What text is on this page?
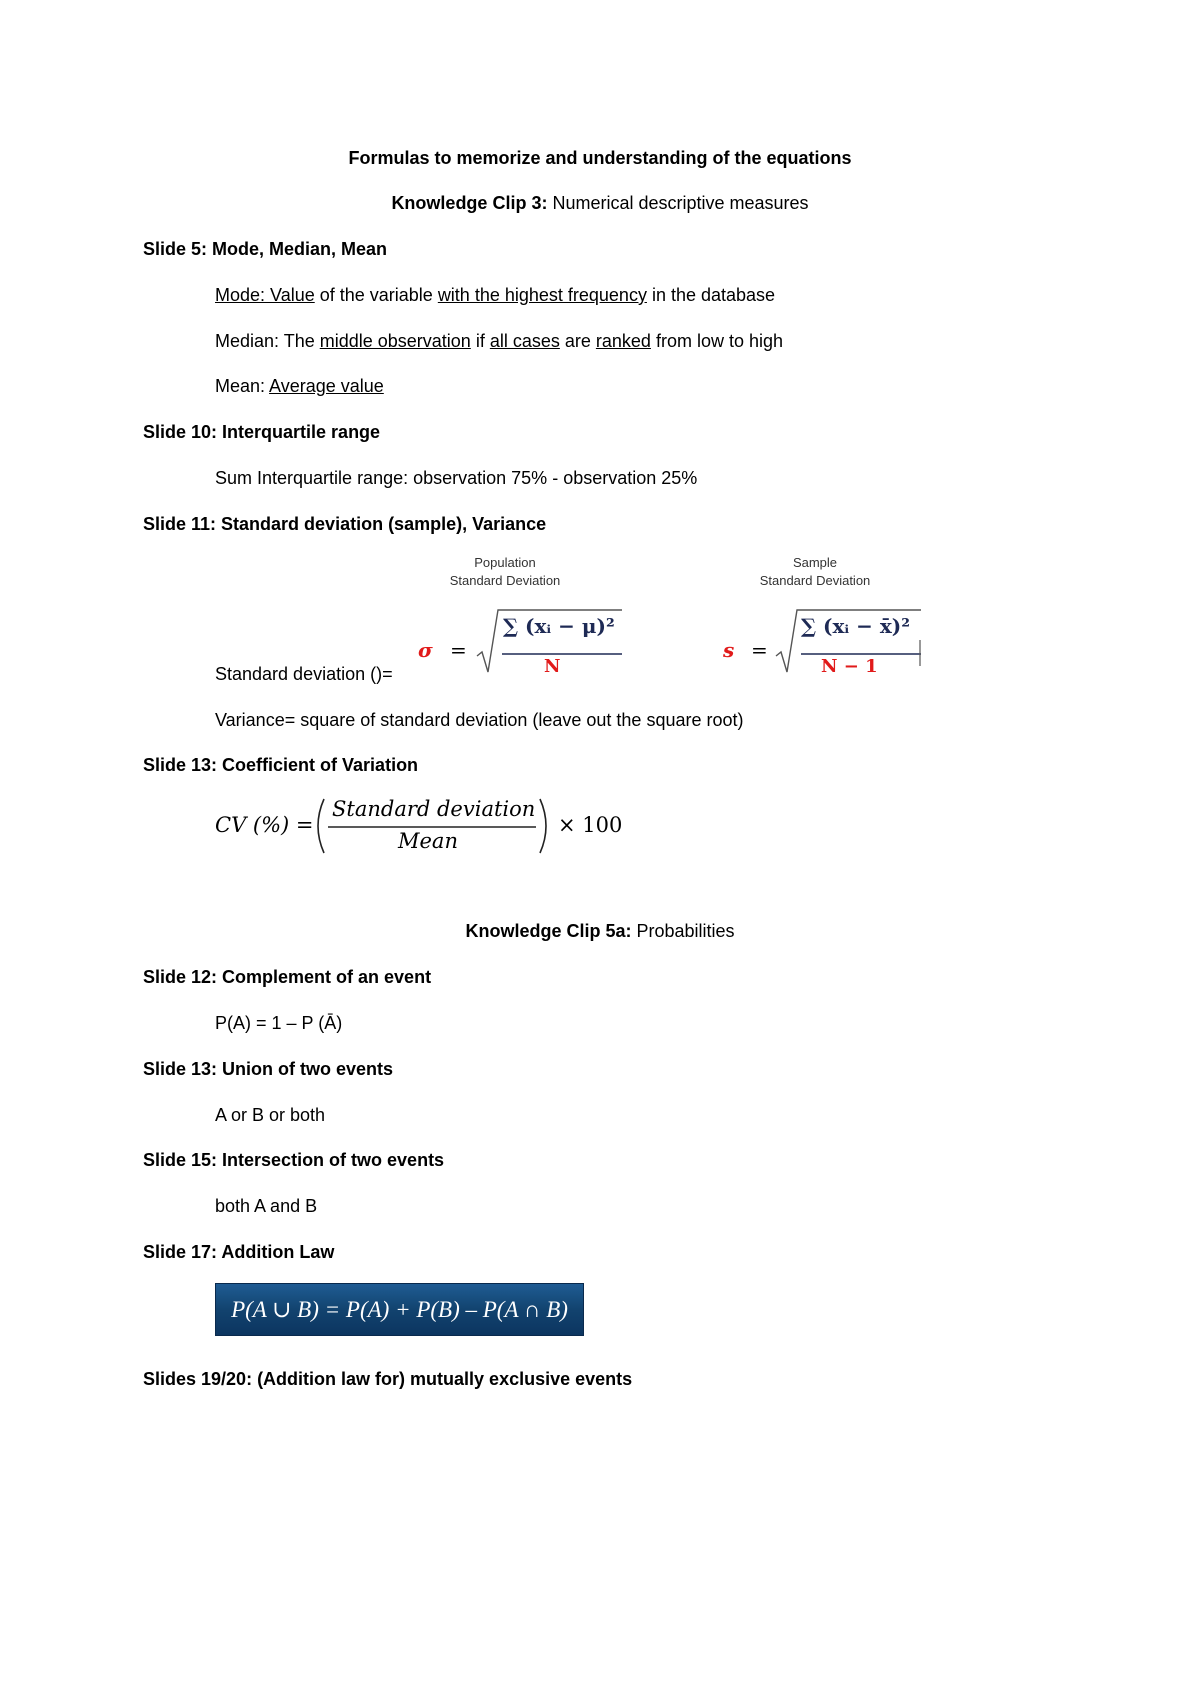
Formulas to memorize and understanding of the equations
Knowledge Clip 3: Numerical descriptive measures
Slide 5: Mode, Median, Mean
Mode: Value of the variable with the highest frequency in the database
Median: The middle observation if all cases are ranked from low to high
Mean: Average value
Slide 10: Interquartile range
Sum Interquartile range: observation 75% - observation 25%
Slide 11: Standard deviation (sample), Variance
Population
Standard Deviation
Sample
Standard Deviation
σ =
∑ (xᵢ − μ)²
N
s =
∑ (xᵢ − x̄)²
N − 1
Standard deviation ()=
Variance= square of standard deviation (leave out the square root)
Slide 13: Coefficient of Variation
CV (%) =
Standard deviation
Mean
× 100
Knowledge Clip 5a: Probabilities
Slide 12: Complement of an event
P(A) = 1 – P (Ā)
Slide 13: Union of two events
A or B or both
Slide 15: Intersection of two events
both A and B
Slide 17: Addition Law
P(A ∪ B) = P(A) + P(B) – P(A ∩ B)
Slides 19/20: (Addition law for) mutually exclusive events
